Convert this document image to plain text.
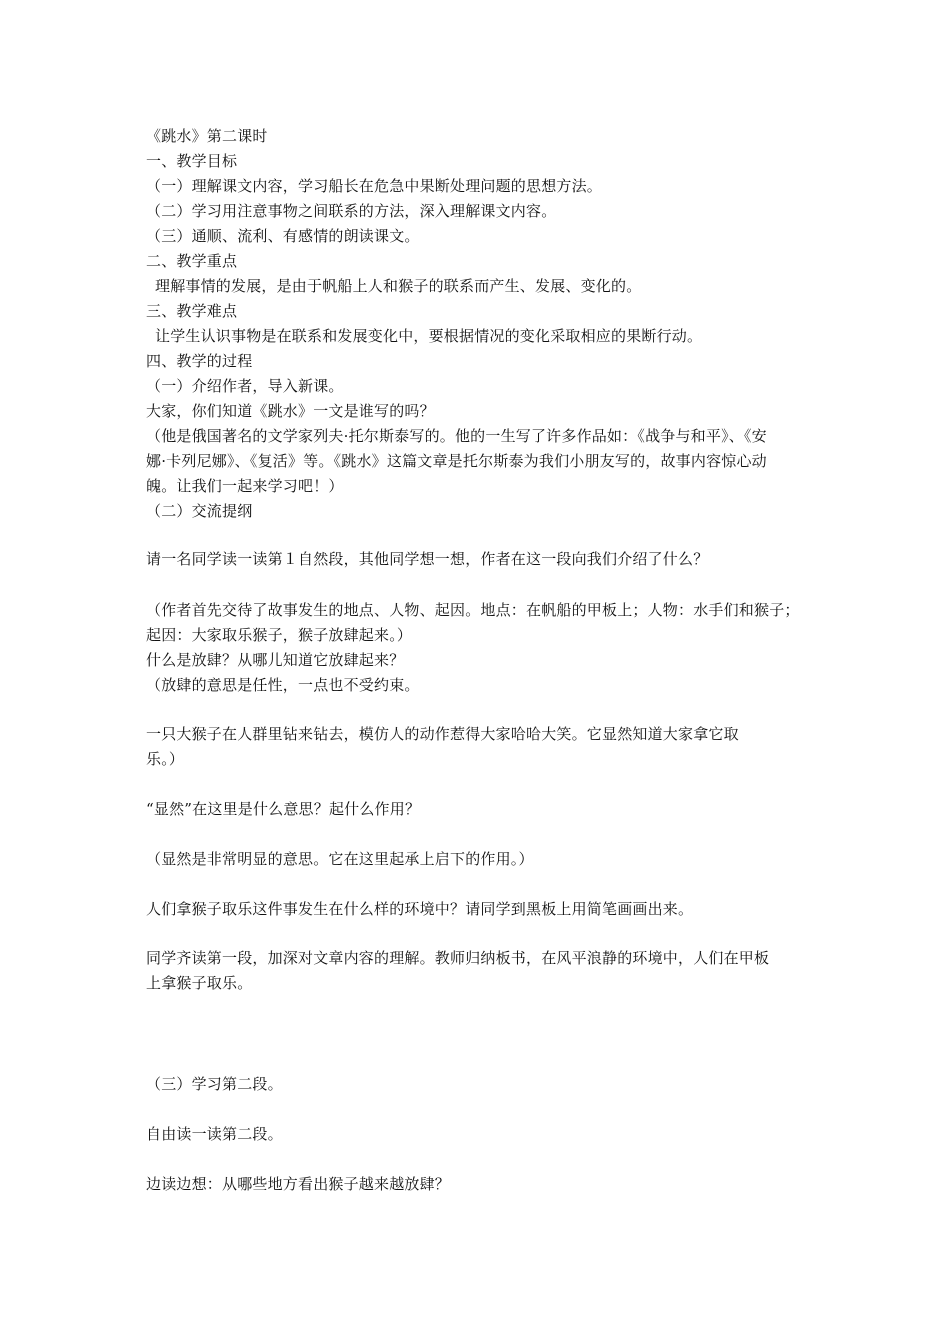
《跳水》第二课时
一、教学目标
（一）理解课文内容，学习船长在危急中果断处理问题的思想方法。
（二）学习用注意事物之间联系的方法，深入理解课文内容。
（三）通顺、流利、有感情的朗读课文。
二、教学重点
理解事情的发展，是由于帆船上人和猴子的联系而产生、发展、变化的。
三、教学难点
让学生认识事物是在联系和发展变化中，要根据情况的变化采取相应的果断行动。
四、教学的过程
（一）介绍作者，导入新课。
大家，你们知道《跳水》一文是谁写的吗？
（他是俄国著名的文学家列夫·托尔斯泰写的。他的一生写了许多作品如：《战争与和平》、《安
娜·卡列尼娜》、《复活》等。《跳水》这篇文章是托尔斯泰为我们小朋友写的，故事内容惊心动
魄。让我们一起来学习吧！）
（二）交流提纲
请一名同学读一读第１自然段，其他同学想一想，作者在这一段向我们介绍了什么？
（作者首先交待了故事发生的地点、人物、起因。地点：在帆船的甲板上；人物：水手们和猴子；
起因：大家取乐猴子，猴子放肆起来。）
什么是放肆？从哪儿知道它放肆起来？
（放肆的意思是任性，一点也不受约束。
一只大猴子在人群里钻来钻去，模仿人的动作惹得大家哈哈大笑。它显然知道大家拿它取
乐。）
“显然”在这里是什么意思？起什么作用？
（显然是非常明显的意思。它在这里起承上启下的作用。）
人们拿猴子取乐这件事发生在什么样的环境中？请同学到黑板上用简笔画画出来。
同学齐读第一段，加深对文章内容的理解。教师归纳板书，在风平浪静的环境中，人们在甲板
上拿猴子取乐。
（三）学习第二段。
自由读一读第二段。
边读边想：从哪些地方看出猴子越来越放肆？
